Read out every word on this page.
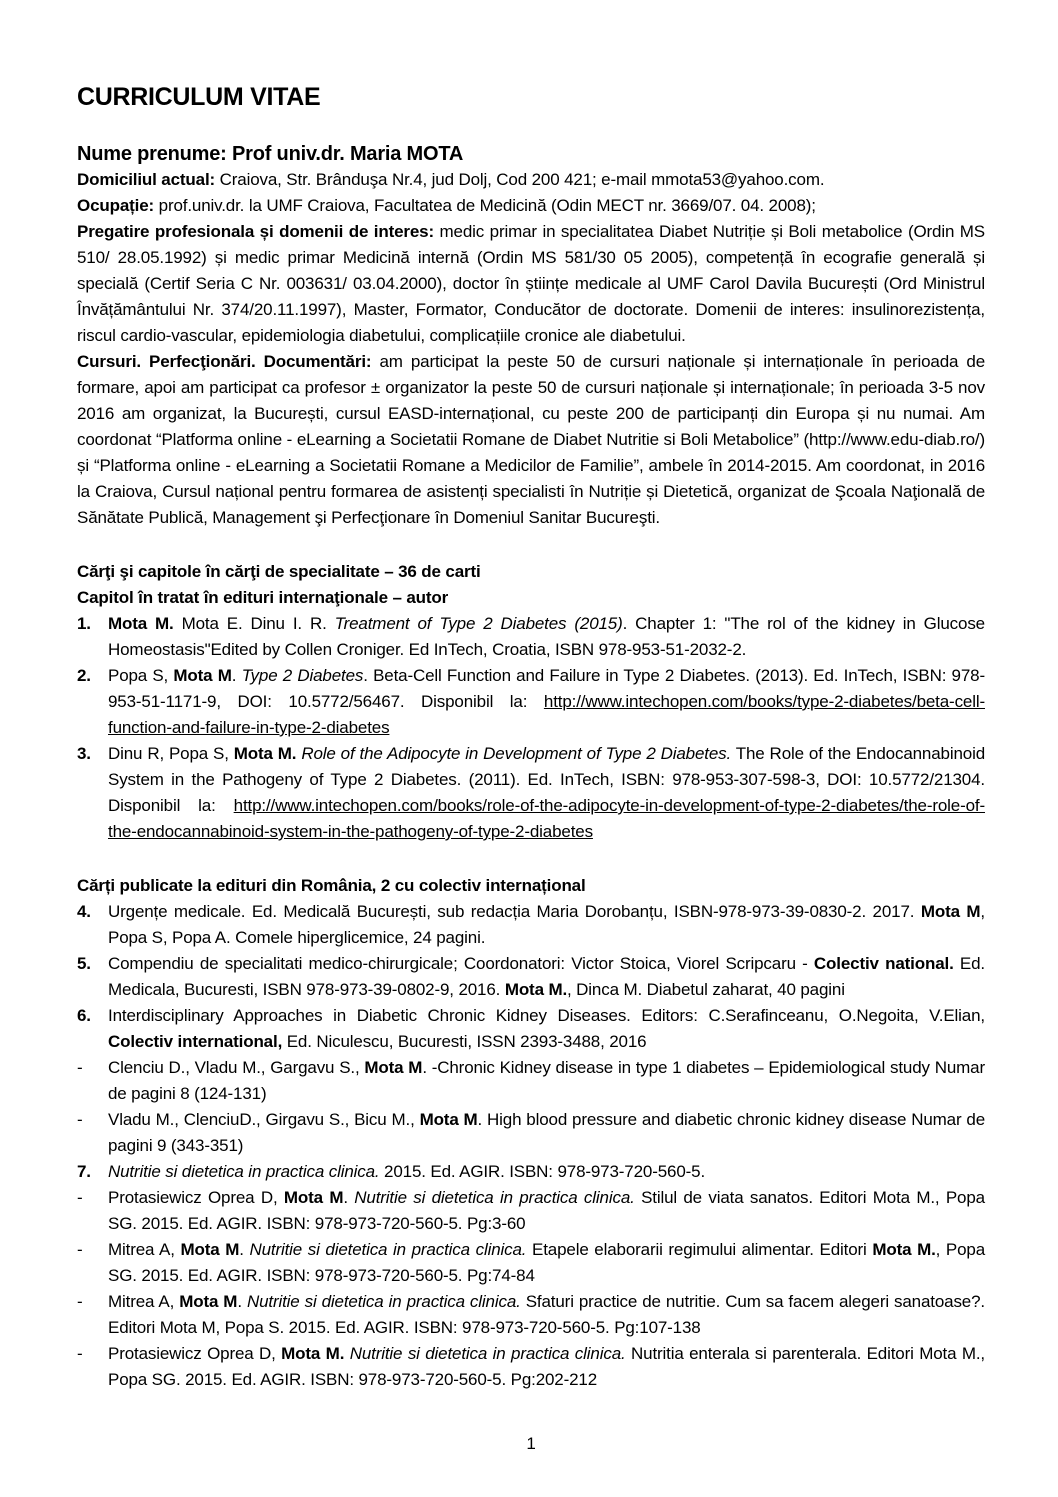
CURRICULUM VITAE
Nume prenume: Prof univ.dr. Maria MOTA

Domiciliul actual: Craiova, Str. Brânduşa Nr.4, jud Dolj, Cod 200 421; e-mail mmota53@yahoo.com.

Ocupație: prof.univ.dr. la UMF Craiova, Facultatea de Medicină (Odin MECT nr. 3669/07. 04. 2008);

Pregatire profesionala și domenii de interes: medic primar in specialitatea Diabet Nutriție și Boli metabolice (Ordin MS 510/ 28.05.1992) și medic primar Medicină internă (Ordin MS 581/30 05 2005), competență în ecografie generală și specială (Certif Seria C Nr. 003631/ 03.04.2000), doctor în științe medicale al UMF Carol Davila București (Ord Ministrul Învățământului Nr. 374/20.11.1997), Master, Formator, Conducător de doctorate. Domenii de interes: insulinorezistența, riscul cardio-vascular, epidemiologia diabetului, complicațiile cronice ale diabetului.

Cursuri. Perfecţionări. Documentări: am participat la peste 50 de cursuri naționale și internaționale în perioada de formare, apoi am participat ca profesor ± organizator la peste 50 de cursuri naționale și internaționale; în perioada 3-5 nov 2016 am organizat, la București, cursul EASD-internațional, cu peste 200 de participanți din Europa și nu numai. Am coordonat “Platforma online - eLearning a Societatii Romane de Diabet Nutritie si Boli Metabolice” (http://www.edu-diab.ro/) și “Platforma online - eLearning a Societatii Romane a Medicilor de Familie”, ambele în 2014-2015. Am coordonat, in 2016 la Craiova, Cursul național pentru formarea de asistenți specialisti în Nutriție și Dietetică, organizat de Şcoala Naţională de Sănătate Publică, Management şi Perfecţionare în Domeniul Sanitar Bucureşti.

Cărţi şi capitole în cărţi de specialitate – 36 de carti

Capitol în tratat în edituri internaţionale – autor

1.	Mota M. Mota E. Dinu I. R. Treatment of Type 2 Diabetes (2015). Chapter 1: "The rol of the kidney in Glucose Homeostasis"Edited by Collen Croniger. Ed InTech, Croatia, ISBN 978-953-51-2032-2.
2.	Popa S, Mota M. Type 2 Diabetes. Beta-Cell Function and Failure in Type 2 Diabetes. (2013). Ed. InTech, ISBN: 978-953-51-1171-9, DOI: 10.5772/56467. Disponibil la: http://www.intechopen.com/books/type-2-diabetes/beta-cell-function-and-failure-in-type-2-diabetes
3.	Dinu R, Popa S, Mota M. Role of the Adipocyte in Development of Type 2 Diabetes. The Role of the Endocannabinoid System in the Pathogeny of Type 2 Diabetes. (2011). Ed. InTech, ISBN: 978-953-307-598-3, DOI: 10.5772/21304. Disponibil la: http://www.intechopen.com/books/role-of-the-adipocyte-in-development-of-type-2-diabetes/the-role-of-the-endocannabinoid-system-in-the-pathogeny-of-type-2-diabetes

Cărți publicate la edituri din România, 2 cu colectiv internațional

4.	Urgențe medicale. Ed. Medicală București, sub redacția Maria Dorobanțu, ISBN-978-973-39-0830-2. 2017. Mota M, Popa S, Popa A. Comele hiperglicemice, 24 pagini.
5.	Compendiu de specialitati medico-chirurgicale; Coordonatori: Victor Stoica, Viorel Scripcaru - Colectiv national. Ed. Medicala, Bucuresti, ISBN 978-973-39-0802-9, 2016. Mota M., Dinca M. Diabetul zaharat, 40 pagini
6.	Interdisciplinary Approaches in Diabetic Chronic Kidney Diseases. Editors: C.Serafinceanu, O.Negoita, V.Elian, Colectiv international, Ed. Niculescu, Bucuresti, ISSN 2393-3488, 2016
-	Clenciu D., Vladu M., Gargavu S., Mota M. -Chronic Kidney disease in type 1 diabetes – Epidemiological study Numar de pagini 8 (124-131)
-	Vladu M., ClenciuD., Girgavu S., Bicu M., Mota M. High blood pressure and diabetic chronic kidney disease Numar de pagini 9 (343-351)
7.	Nutritie si dietetica in practica clinica. 2015. Ed. AGIR. ISBN: 978-973-720-560-5.
-	Protasiewicz Oprea D, Mota M. Nutritie si dietetica in practica clinica. Stilul de viata sanatos. Editori Mota M., Popa SG. 2015. Ed. AGIR. ISBN: 978-973-720-560-5. Pg:3-60
-	Mitrea A, Mota M. Nutritie si dietetica in practica clinica. Etapele elaborarii regimului alimentar. Editori Mota M., Popa SG. 2015. Ed. AGIR. ISBN: 978-973-720-560-5. Pg:74-84
-	Mitrea A, Mota M. Nutritie si dietetica in practica clinica. Sfaturi practice de nutritie. Cum sa facem alegeri sanatoase?. Editori Mota M, Popa S. 2015. Ed. AGIR. ISBN: 978-973-720-560-5. Pg:107-138
-	Protasiewicz Oprea D, Mota M. Nutritie si dietetica in practica clinica. Nutritia enterala si parenterala. Editori Mota M., Popa SG. 2015. Ed. AGIR. ISBN: 978-973-720-560-5. Pg:202-212
1
